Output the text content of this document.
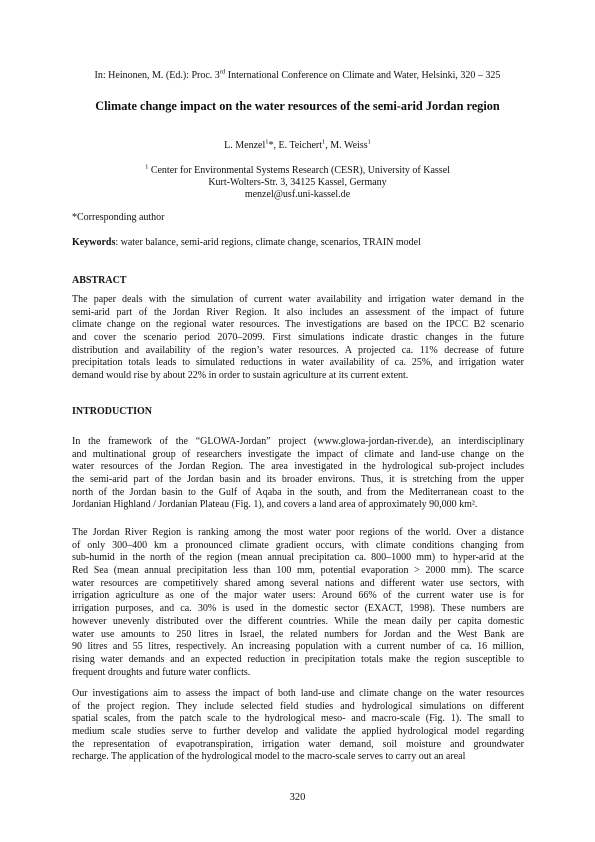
In: Heinonen, M. (Ed.): Proc. 3rd International Conference on Climate and Water, Helsinki, 320 – 325
Climate change impact on the water resources of the semi-arid Jordan region
L. Menzel$^1$*, E. Teichert$^1$, M. Weiss$^1$
$^1$ Center for Environmental Systems Research (CESR), University of Kassel
Kurt-Wolters-Str. 3, 34125 Kassel, Germany
menzel@usf.uni-kassel.de
*Corresponding author
Keywords: water balance, semi-arid regions, climate change, scenarios, TRAIN model
ABSTRACT
The paper deals with the simulation of current water availability and irrigation water demand in the
semi-arid part of the Jordan River Region. It also includes an assessment of the impact of future
climate change on the regional water resources. The investigations are based on the IPCC B2 scenario
and cover the scenario period 2070–2099. First simulations indicate drastic changes in the future
distribution and availability of the region’s water resources. A projected ca. 11% decrease of future
precipitation totals leads to simulated reductions in water availability of ca. 25%, and irrigation water
demand would rise by about 22% in order to sustain agriculture at its current extent.
INTRODUCTION
In the framework of the “GLOWA-Jordan” project (www.glowa-jordan-river.de), an interdisciplinary
and multinational group of researchers investigate the impact of climate and land-use change on the
water resources of the Jordan Region. The area investigated in the hydrological sub-project includes
the semi-arid part of the Jordan basin and its broader environs. Thus, it is stretching from the upper
north of the Jordan basin to the Gulf of Aqaba in the south, and from the Mediterranean coast to the
Jordanian Highland / Jordanian Plateau (Fig. 1), and covers a land area of approximately 90,000 km².
The Jordan River Region is ranking among the most water poor regions of the world. Over a distance
of only 300–400 km a pronounced climate gradient occurs, with climate conditions changing from
sub-humid in the north of the region (mean annual precipitation ca. 800–1000 mm) to hyper-arid at the
Red Sea (mean annual precipitation less than 100 mm, potential evaporation > 2000 mm). The scarce
water resources are competitively shared among several nations and different water use sectors, with
irrigation agriculture as one of the major water users: Around 66% of the current water use is for
irrigation purposes, and ca. 30% is used in the domestic sector (EXACT, 1998). These numbers are
however unevenly distributed over the different countries. While the mean daily per capita domestic
water use amounts to 250 litres in Israel, the related numbers for Jordan and the West Bank are
90 litres and 55 litres, respectively. An increasing population with a current number of ca. 16 million,
rising water demands and an expected reduction in precipitation totals make the region susceptible to
frequent droughts and future water conflicts.
Our investigations aim to assess the impact of both land-use and climate change on the water resources
of the project region. They include selected field studies and hydrological simulations on different
spatial scales, from the patch scale to the hydrological meso- and macro-scale (Fig. 1). The small to
medium scale studies serve to further develop and validate the applied hydrological model regarding
the representation of evapotranspiration, irrigation water demand, soil moisture and groundwater
recharge. The application of the hydrological model to the macro-scale serves to carry out an areal
320
